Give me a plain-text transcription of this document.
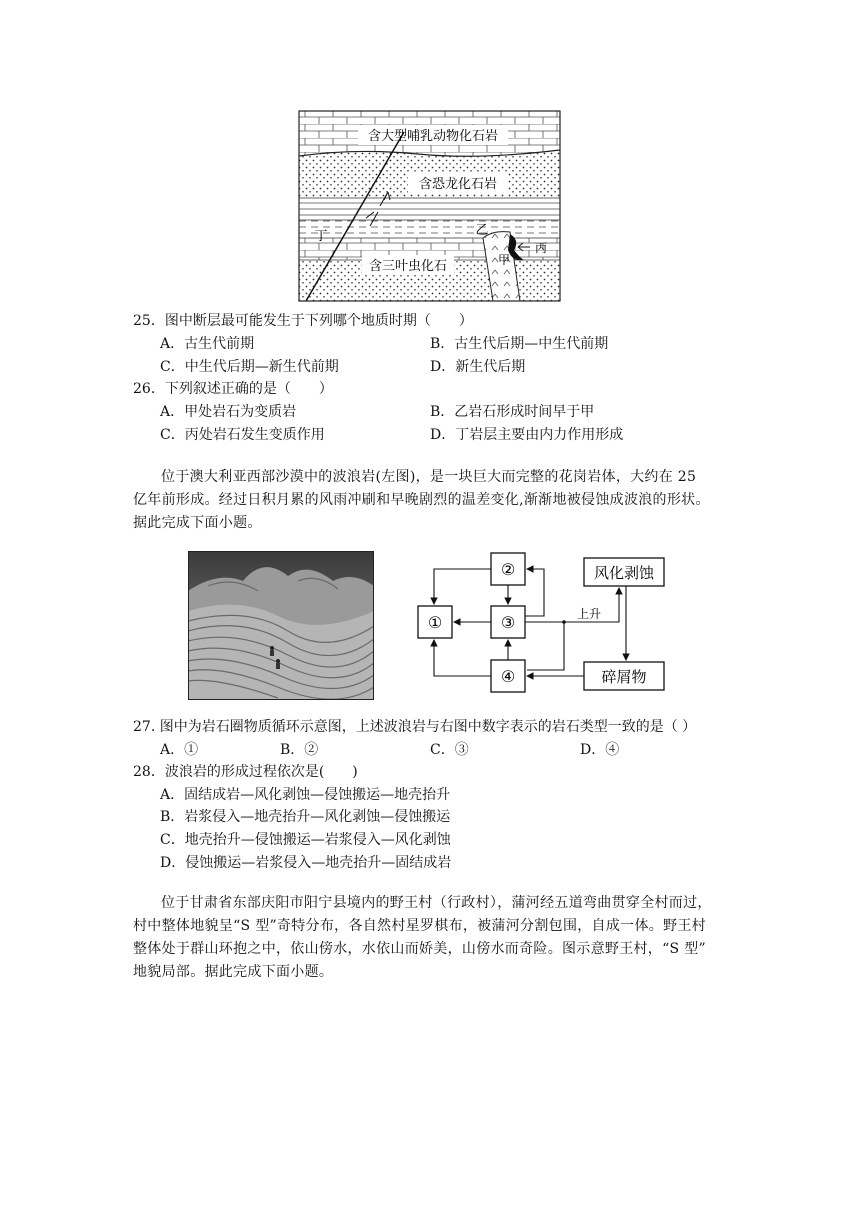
含大型哺乳动物化石岩
含恐龙化石岩
乙
丁
丙
甲
含三叶虫化石
25．图中断层最可能发生于下列哪个地质时期（　　）
A．古生代前期	B．古生代后期—中生代前期
C．中生代后期—新生代前期	D．新生代后期
26．下列叙述正确的是（　　）
A．甲处岩石为变质岩	B．乙岩石形成时间早于甲
C．丙处岩石发生变质作用	D．丁岩层主要由内力作用形成
位于澳大利亚西部沙漠中的波浪岩(左图)，是一块巨大而完整的花岗岩体，大约在 25
亿年前形成。经过日积月累的风雨冲刷和早晚剧烈的温差变化,渐渐地被侵蚀成波浪的形状。
据此完成下面小题。
①
②
③
④
风化剥蚀
碎屑物
上升
27. 图中为岩石圈物质循环示意图，上述波浪岩与右图中数字表示的岩石类型一致的是（ ）
A．①	B．②	C．③	D．④
28．波浪岩的形成过程依次是(　　)
A．固结成岩—风化剥蚀—侵蚀搬运—地壳抬升
B．岩浆侵入—地壳抬升—风化剥蚀—侵蚀搬运
C．地壳抬升—侵蚀搬运—岩浆侵入—风化剥蚀
D．侵蚀搬运—岩浆侵入—地壳抬升—固结成岩
位于甘肃省东部庆阳市阳宁县境内的野王村（行政村），蒲河经五道弯曲贯穿全村而过，
村中整体地貌呈“S 型”奇特分布，各自然村星罗棋布，被蒲河分割包围，自成一体。野王村
整体处于群山环抱之中，依山傍水，水依山而娇美，山傍水而奇险。图示意野王村，“S 型”
地貌局部。据此完成下面小题。
